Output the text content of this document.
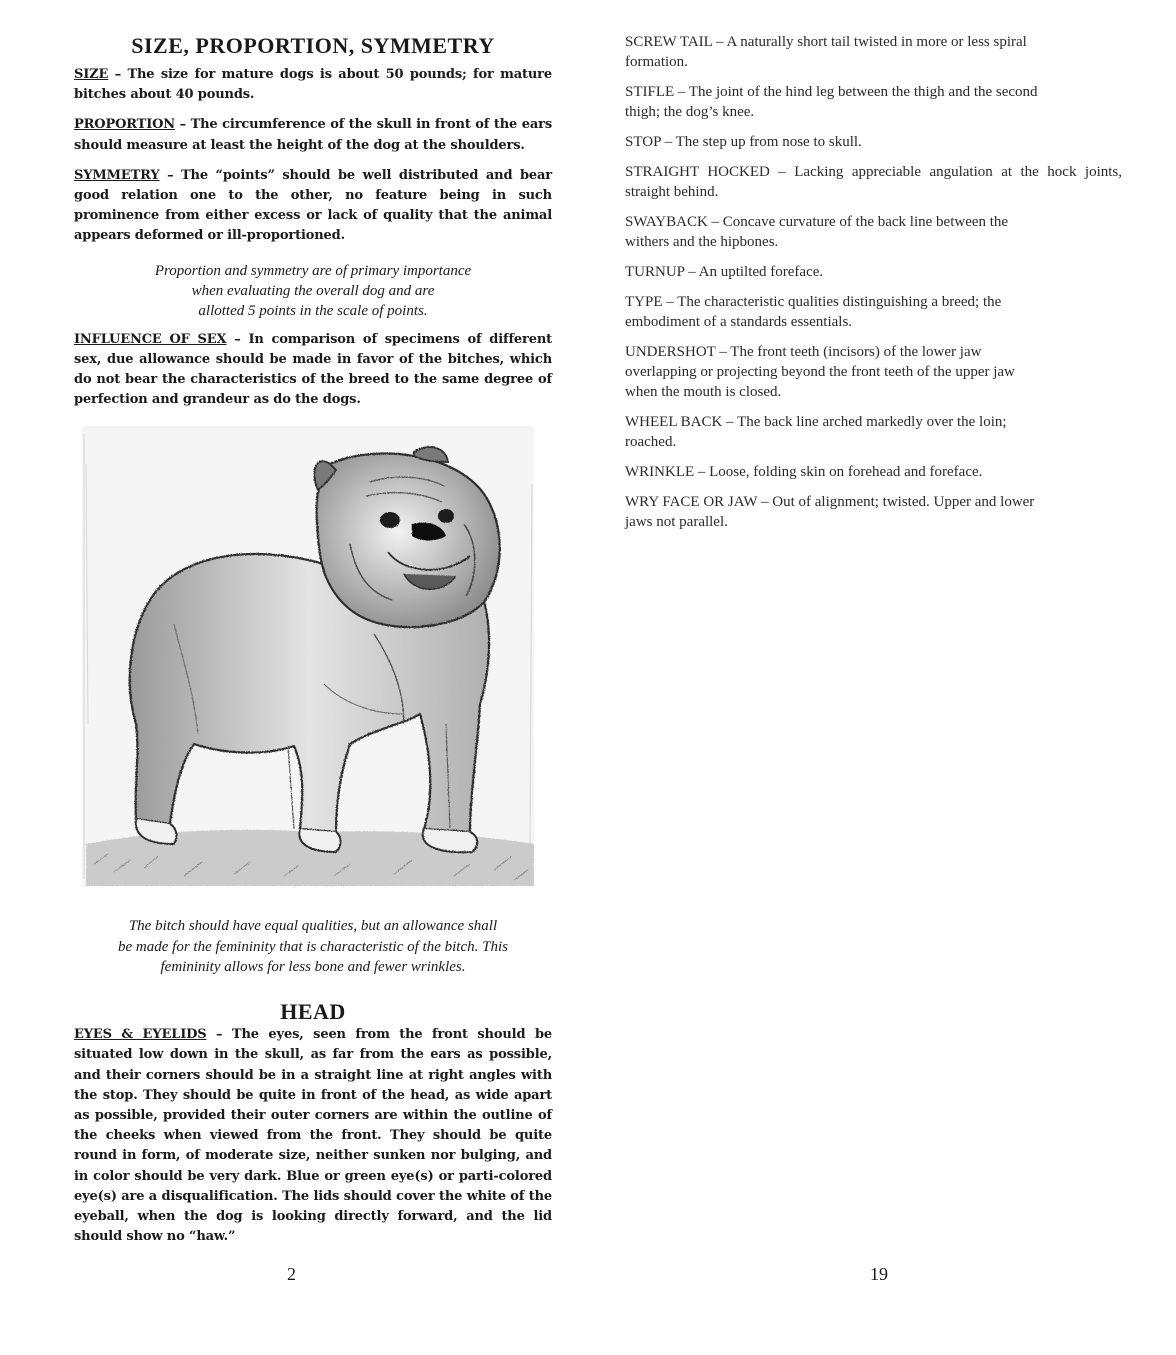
SIZE, PROPORTION, SYMMETRY

SIZE – The size for mature dogs is about 50 pounds; for mature bitches about 40 pounds.

PROPORTION – The circumference of the skull in front of the ears should measure at least the height of the dog at the shoulders.

SYMMETRY – The “points” should be well distributed and bear good relation one to the other, no feature being in such prominence from either excess or lack of quality that the animal appears deformed or ill-proportioned.

Proportion and symmetry are of primary importance
when evaluating the overall dog and are
allotted 5 points in the scale of points.

INFLUENCE OF SEX – In comparison of specimens of different sex, due allowance should be made in favor of the bitches, which do not bear the characteristics of the breed to the same degree of perfection and grandeur as do the dogs.

The bitch should have equal qualities, but an allowance shall
be made for the femininity that is characteristic of the bitch. This
femininity allows for less bone and fewer wrinkles.
HEAD

EYES & EYELIDS – The eyes, seen from the front should be situated low down in the skull, as far from the ears as possible, and their corners should be in a straight line at right angles with the stop. They should be quite in front of the head, as wide apart as possible, provided their outer corners are within the outline of the cheeks when viewed from the front. They should be quite round in form, of moderate size, neither sunken nor bulging, and in color should be very dark. Blue or green eye(s) or parti-colored eye(s) are a disqualification. The lids should cover the white of the eyeball, when the dog is looking directly forward, and the lid should show no “haw.”

2
SCREW TAIL – A naturally short tail twisted in more or less spiral
formation.
STIFLE – The joint of the hind leg between the thigh and the second
thigh; the dog’s knee.
STOP – The step up from nose to skull.
STRAIGHT HOCKED – Lacking appreciable angulation at the hock joints, straight behind.
SWAYBACK – Concave curvature of the back line between the
withers and the hipbones.
TURNUP – An uptilted foreface.
TYPE – The characteristic qualities distinguishing a breed; the
embodiment of a standards essentials.
UNDERSHOT – The front teeth (incisors) of the lower jaw
overlapping or projecting beyond the front teeth of the upper jaw
when the mouth is closed.
WHEEL BACK – The back line arched markedly over the loin;
roached.
WRINKLE – Loose, folding skin on forehead and foreface.
WRY FACE OR JAW – Out of alignment; twisted. Upper and lower
jaws not parallel.
19
